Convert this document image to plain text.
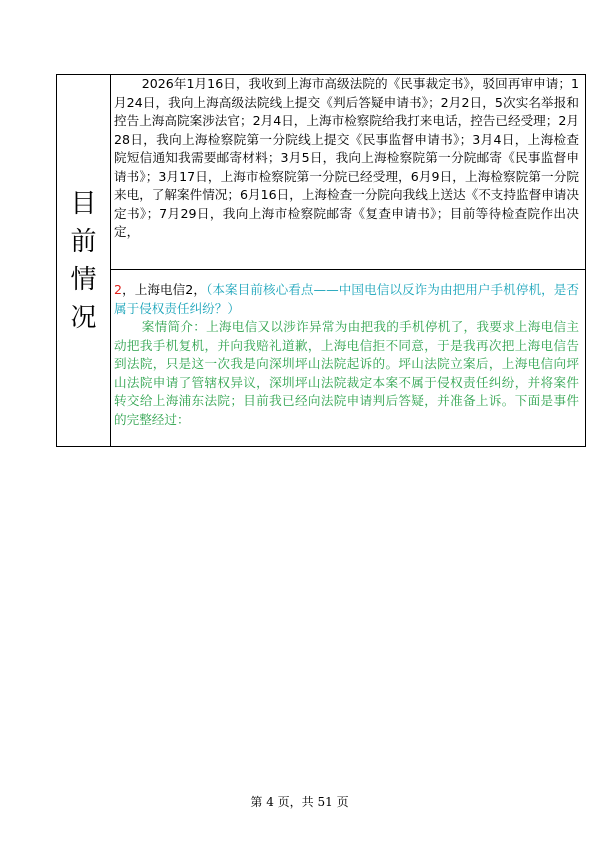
目前情况	

2026年1月16日，我收到上海市高级法院的《民事裁定书》，驳回再审申请；1月24日，我向上海高级法院线上提交《判后答疑申请书》；2月2日，5次实名举报和控告上海高院案涉法官；2月4日，上海市检察院给我打来电话，控告已经受理；2月28日，我向上海检察院第一分院线上提交《民事监督申请书》；3月4日，上海检查院短信通知我需要邮寄材料；3月5日，我向上海检察院第一分院邮寄《民事监督申请书》；3月17日，上海市检察院第一分院已经受理，6月9日，上海检察院第一分院来电，了解案件情况；6月16日，上海检查一分院向我线上送达《不支持监督申请决定书》；7月29日，我向上海市检察院邮寄《复查申请书》；目前等待检查院作出决定，

2，上海电信2，（本案目前核心看点——中国电信以反诈为由把用户手机停机，是否属于侵权责任纠纷？）

案情简介：上海电信又以涉诈异常为由把我的手机停机了，我要求上海电信主动把我手机复机，并向我赔礼道歉，上海电信拒不同意，于是我再次把上海电信告到法院，只是这一次我是向深圳坪山法院起诉的。坪山法院立案后，上海电信向坪山法院申请了管辖权异议，深圳坪山法院裁定本案不属于侵权责任纠纷，并将案件转交给上海浦东法院；目前我已经向法院申请判后答疑，并准备上诉。下面是事件的完整经过：

第 4 页，共 51 页
